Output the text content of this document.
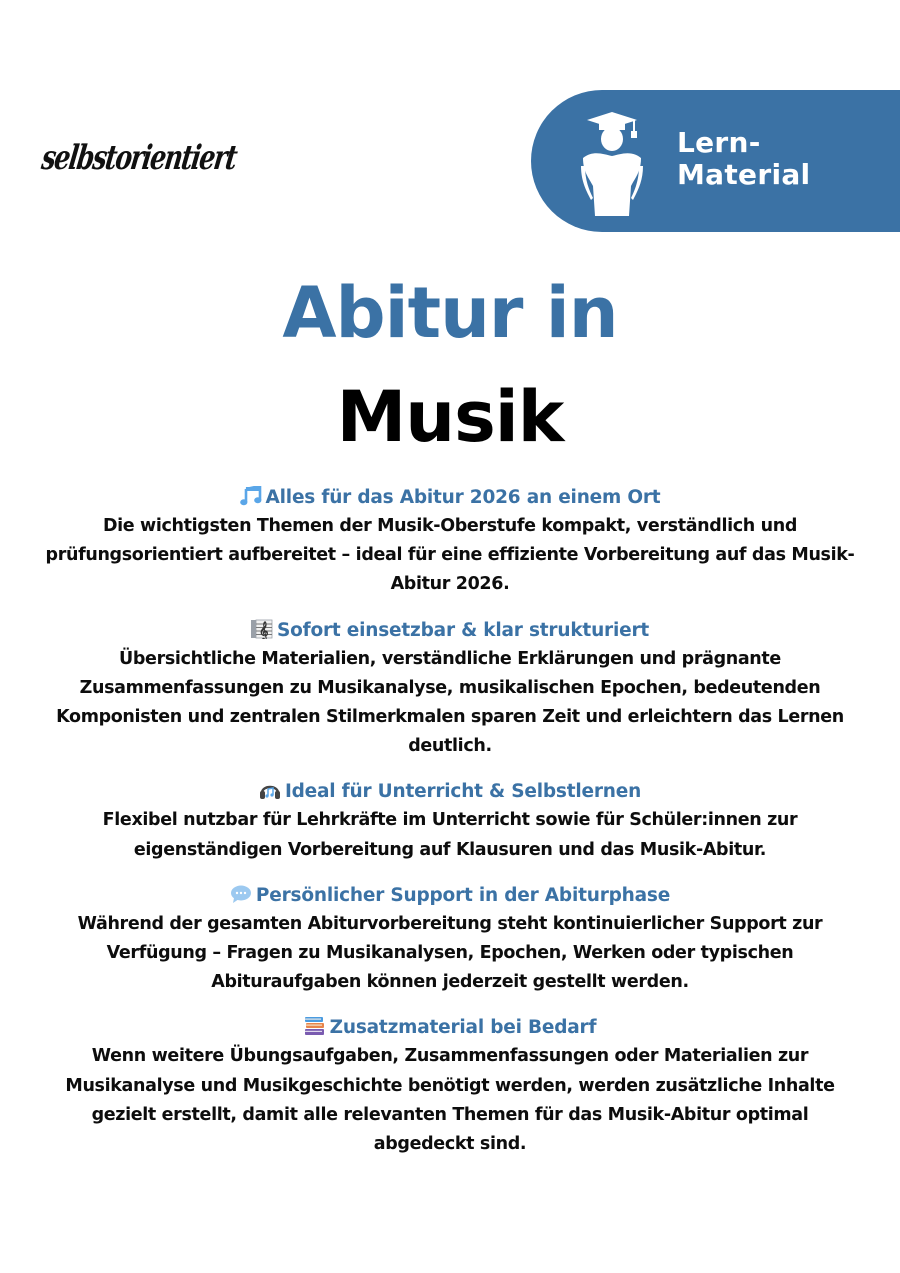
selbstorientiert	Lern-
Material
Abitur in
Musik
Alles für das Abitur 2026 an einem Ort
Die wichtigsten Themen der Musik-Oberstufe kompakt, verständlich und prüfungsorientiert aufbereitet – ideal für eine effiziente Vorbereitung auf das Musik-Abitur 2026.
𝄞 Sofort einsetzbar & klar strukturiert
Übersichtliche Materialien, verständliche Erklärungen und prägnante Zusammenfassungen zu Musikanalyse, musikalischen Epochen, bedeutenden Komponisten und zentralen Stilmerkmalen sparen Zeit und erleichtern das Lernen deutlich.
Ideal für Unterricht & Selbstlernen
Flexibel nutzbar für Lehrkräfte im Unterricht sowie für Schüler:innen zur eigenständigen Vorbereitung auf Klausuren und das Musik-Abitur.
Persönlicher Support in der Abiturphase
Während der gesamten Abiturvorbereitung steht kontinuierlicher Support zur Verfügung – Fragen zu Musikanalysen, Epochen, Werken oder typischen Abituraufgaben können jederzeit gestellt werden.
Zusatzmaterial bei Bedarf
Wenn weitere Übungsaufgaben, Zusammenfassungen oder Materialien zur Musikanalyse und Musikgeschichte benötigt werden, werden zusätzliche Inhalte gezielt erstellt, damit alle relevanten Themen für das Musik-Abitur optimal abgedeckt sind.
